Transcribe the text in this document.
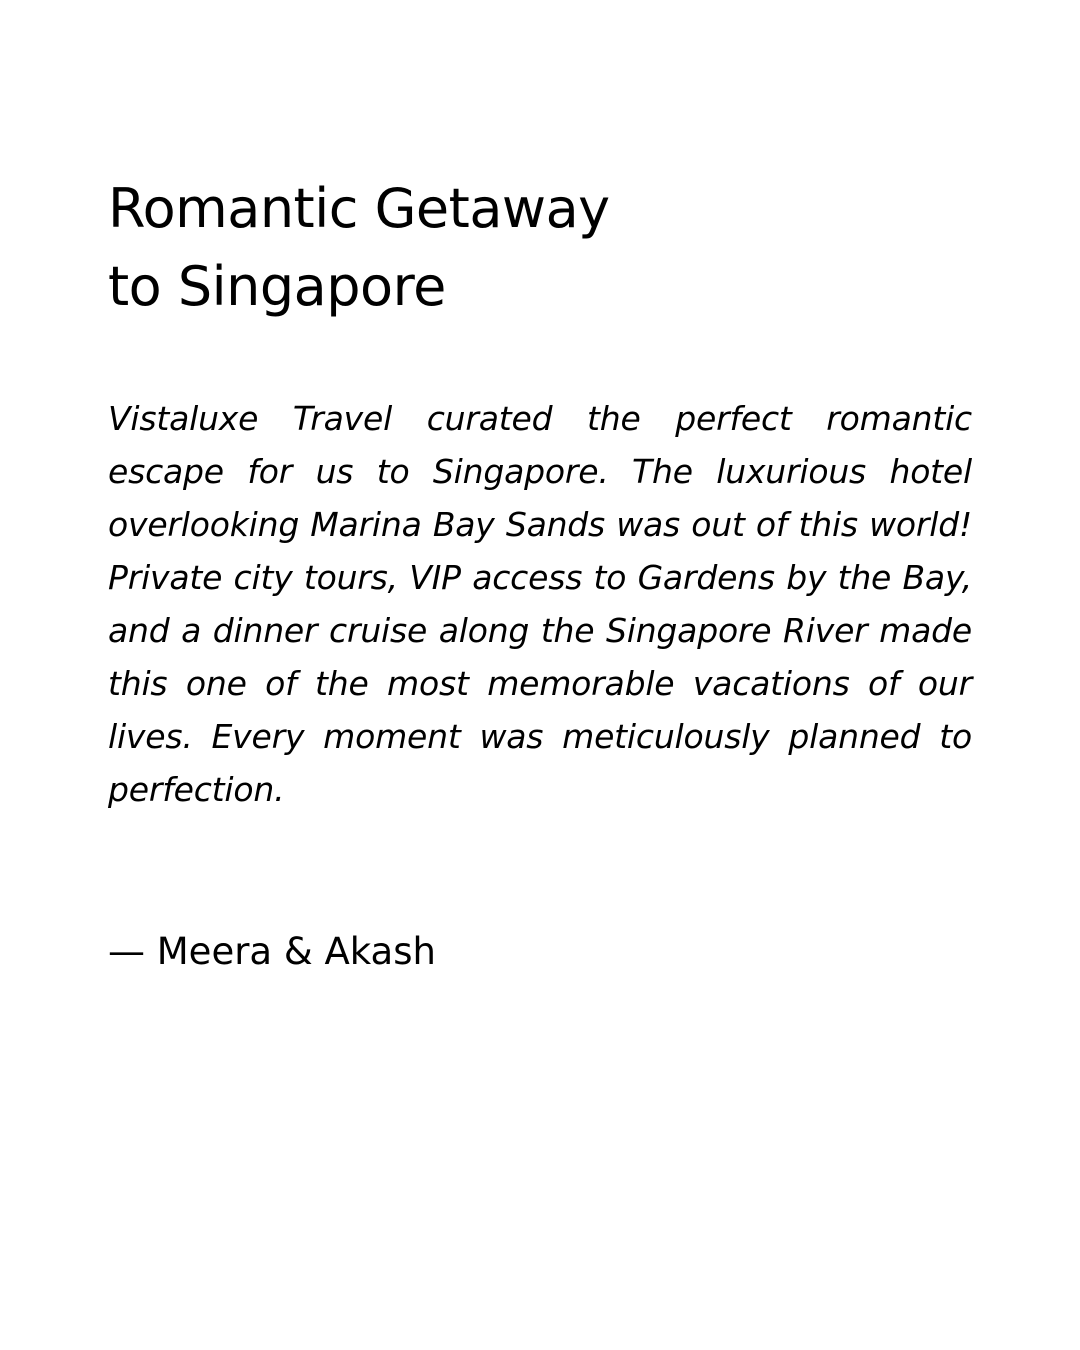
Romantic Getaway
to Singapore

Vistaluxe Travel curated the perfect romantic escape for us to Singapore. The luxurious hotel overlooking Marina Bay Sands was out of this world! Private city tours, VIP access to Gardens by the Bay, and a dinner cruise along the Singapore River made this one of the most memorable vacations of our lives. Every moment was meticulously planned to perfection.

— Meera & Akash
